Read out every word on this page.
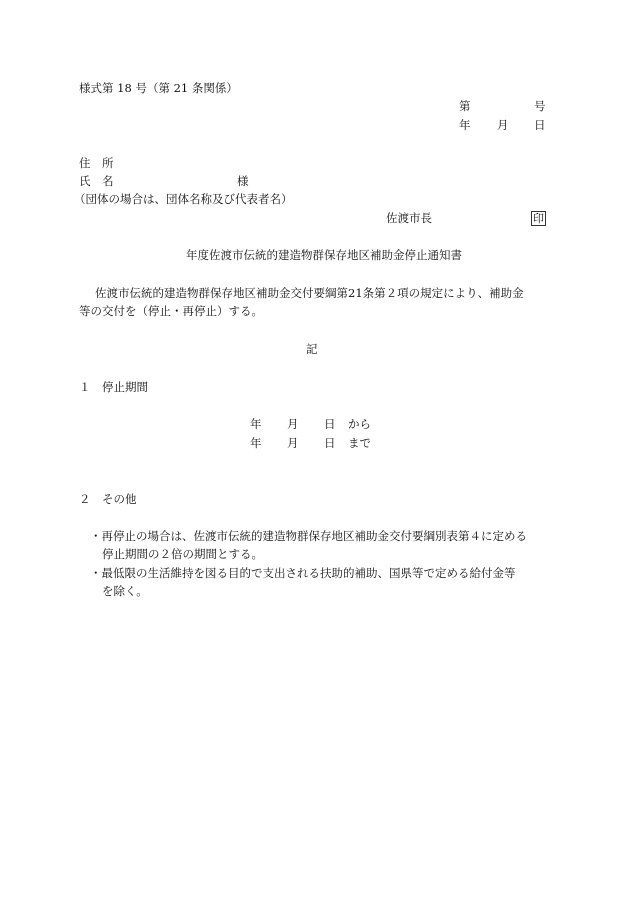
様式第 18 号（第 21 条関係）
第	号
年 月 日
住　所
氏　名	様
（団体の場合は、団体名称及び代表者名）
佐渡市長	印
年度佐渡市伝統的建造物群保存地区補助金停止通知書
佐渡市伝統的建造物群保存地区補助金交付要綱第21条第２項の規定により、補助金
等の交付を（停止・再停止）する。
記
１　停止期間
年 月 日 から
年 月 日 まで
２　その他
・再停止の場合は、佐渡市伝統的建造物群保存地区補助金交付要綱別表第４に定める
停止期間の２倍の期間とする。
・最低限の生活維持を図る目的で支出される扶助的補助、国県等で定める給付金等
を除く。
